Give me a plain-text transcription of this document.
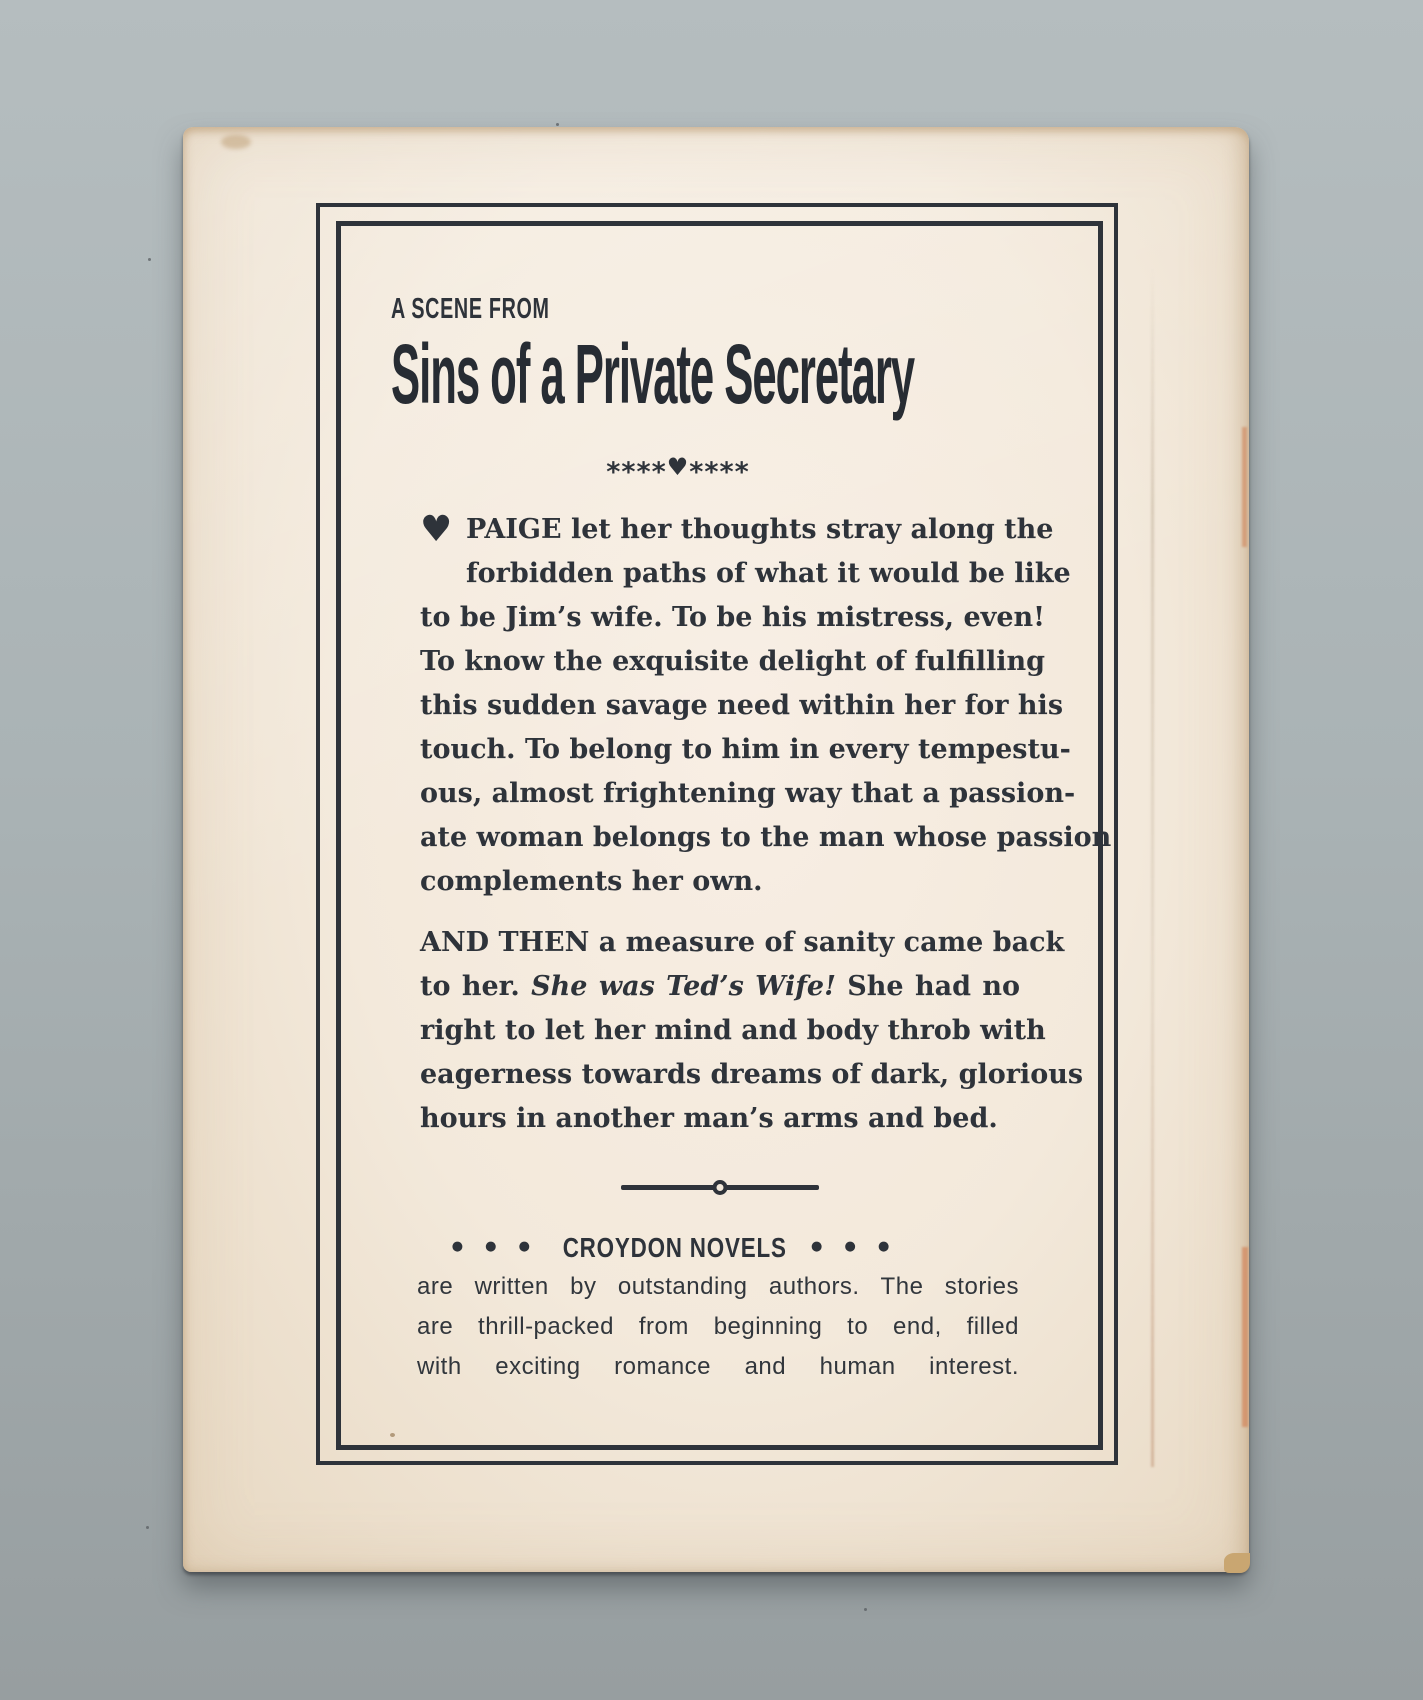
A SCENE FROM
Sins of a Private Secretary
****♥****
♥ PAIGE let her thoughts stray along the
forbidden paths of what it would be like
to be Jim’s wife. To be his mistress, even!
To know the exquisite delight of fulfilling
this sudden savage need within her for his
touch. To belong to him in every tempestu-
ous, almost frightening way that a passion-
ate woman belongs to the man whose passion
complements her own.
AND THEN a measure of sanity came back
to her. She was Ted’s Wife! She had no
right to let her mind and body throb with
eagerness towards dreams of dark, glorious
hours in another man’s arms and bed.
● ● ● CROYDON NOVELS ● ● ●
are written by outstanding authors. The stories
are thrill-packed from beginning to end, filled
with exciting romance and human interest.
